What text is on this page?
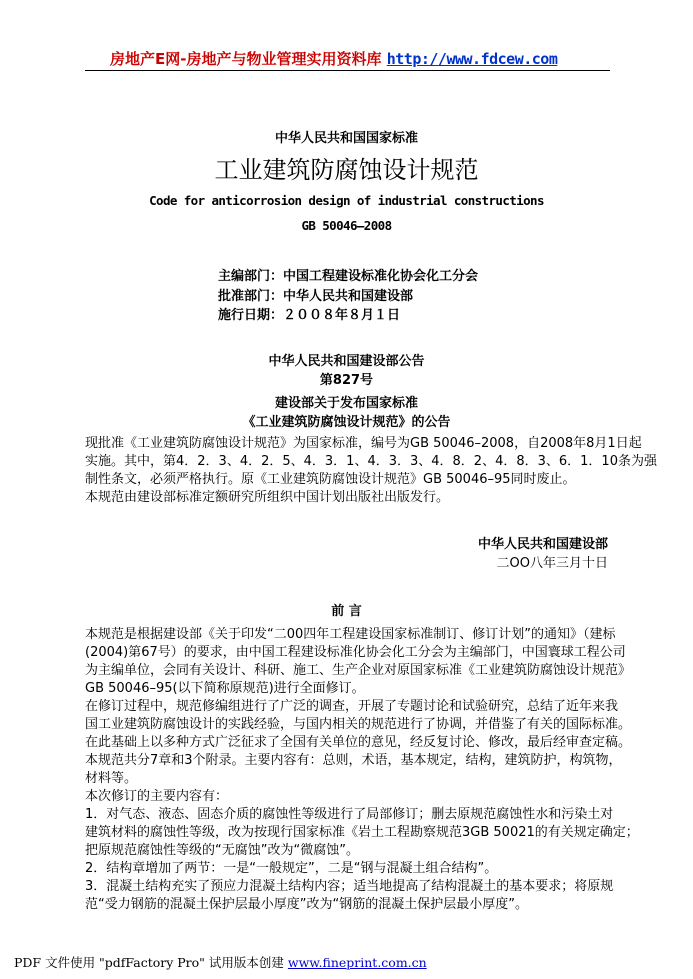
房地产E网-房地产与物业管理实用资料库 http://www.fdcew.com
中华人民共和国国家标准
工业建筑防腐蚀设计规范
Code for anticorrosion design of industrial constructions
GB 50046–2008
主编部门：中国工程建设标准化协会化工分会
批准部门：中华人民共和国建设部
施行日期：２００８年８月１日
中华人民共和国建设部公告
第827号
建设部关于发布国家标准
《工业建筑防腐蚀设计规范》的公告
现批准《工业建筑防腐蚀设计规范》为国家标准，编号为GB 50046–2008，自2008年8月1日起
实施。其中，第4．2．3、4．2．5、4．3．1、4．3．3、4．8．2、4．8．3、6．1．10条为强
制性条文，必须严格执行。原《工业建筑防腐蚀设计规范》GB 50046–95同时废止。
本规范由建设部标准定额研究所组织中国计划出版社出版发行。
中华人民共和国建设部
二OO八年三月十日
前 言
本规范是根据建设部《关于印发“二00四年工程建设国家标准制订、修订计划”的通知》（建标
(2004)第67号）的要求，由中国工程建设标准化协会化工分会为主编部门，中国寰球工程公司
为主编单位，会同有关设计、科研、施工、生产企业对原国家标准《工业建筑防腐蚀设计规范》
GB 50046–95(以下简称原规范)进行全面修订。
在修订过程中，规范修编组进行了广泛的调查，开展了专题讨论和试验研究，总结了近年来我
国工业建筑防腐蚀设计的实践经验，与国内相关的规范进行了协调，并借鉴了有关的国际标准。
在此基础上以多种方式广泛征求了全国有关单位的意见，经反复讨论、修改，最后经审查定稿。
本规范共分7章和3个附录。主要内容有：总则，术语，基本规定，结构，建筑防护，构筑物，
材料等。
本次修订的主要内容有：
1．对气态、液态、固态介质的腐蚀性等级进行了局部修订；删去原规范腐蚀性水和污染土对
建筑材料的腐蚀性等级，改为按现行国家标准《岩土工程勘察规范3GB 50021的有关规定确定；
把原规范腐蚀性等级的“无腐蚀”改为“微腐蚀”。
2．结构章增加了两节：一是“一般规定”，二是“钢与混凝土组合结构”。
3．混凝土结构充实了预应力混凝土结构内容；适当地提高了结构混凝土的基本要求；将原规
范“受力钢筋的混凝土保护层最小厚度”改为“钢筋的混凝土保护层最小厚度”。
PDF 文件使用 "pdfFactory Pro" 试用版本创建 www.fineprint.com.cn
